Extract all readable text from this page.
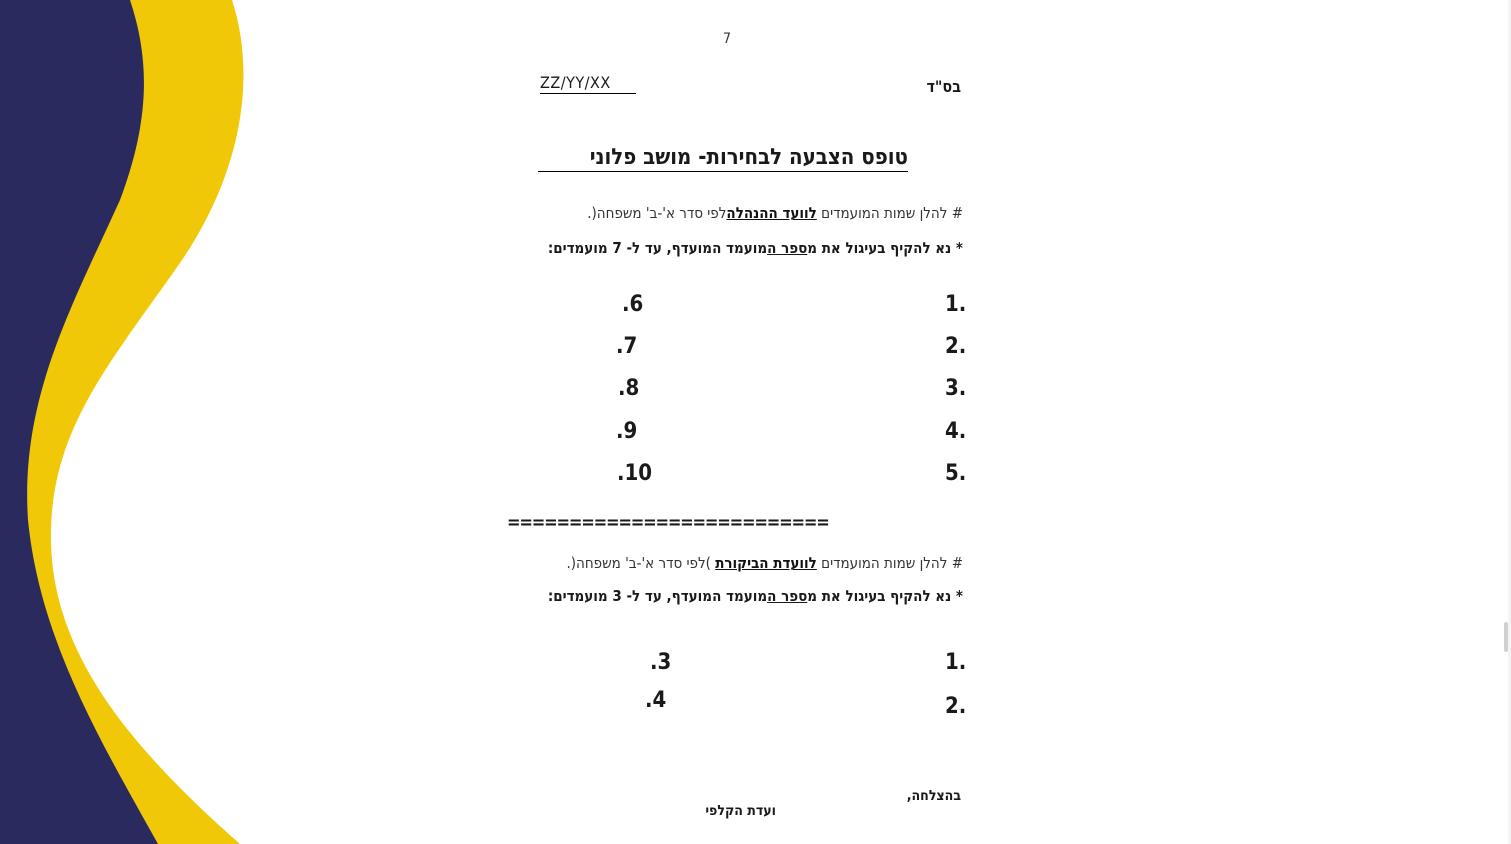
7
בס"ד
ZZ/YY/XX
טופס הצבעה לבחירות- מושב פלוני
# להלן שמות המועמדים לוועד ההנהלהלפי סדר א'-ב' משפחה(.
* נא להקיף בעיגול את מספר המועמד המועדף, עד ל- 7 מועמדים:
1.
2.
3.
4.
5.
.6
.7
.8
.9
.10
==========================
# להלן שמות המועמדים לוועדת הביקורת )לפי סדר א'-ב' משפחה(.
* נא להקיף בעיגול את מספר המועמד המועדף, עד ל- 3 מועמדים:
1.
2.
.3
.4
בהצלחה,
ועדת הקלפי
